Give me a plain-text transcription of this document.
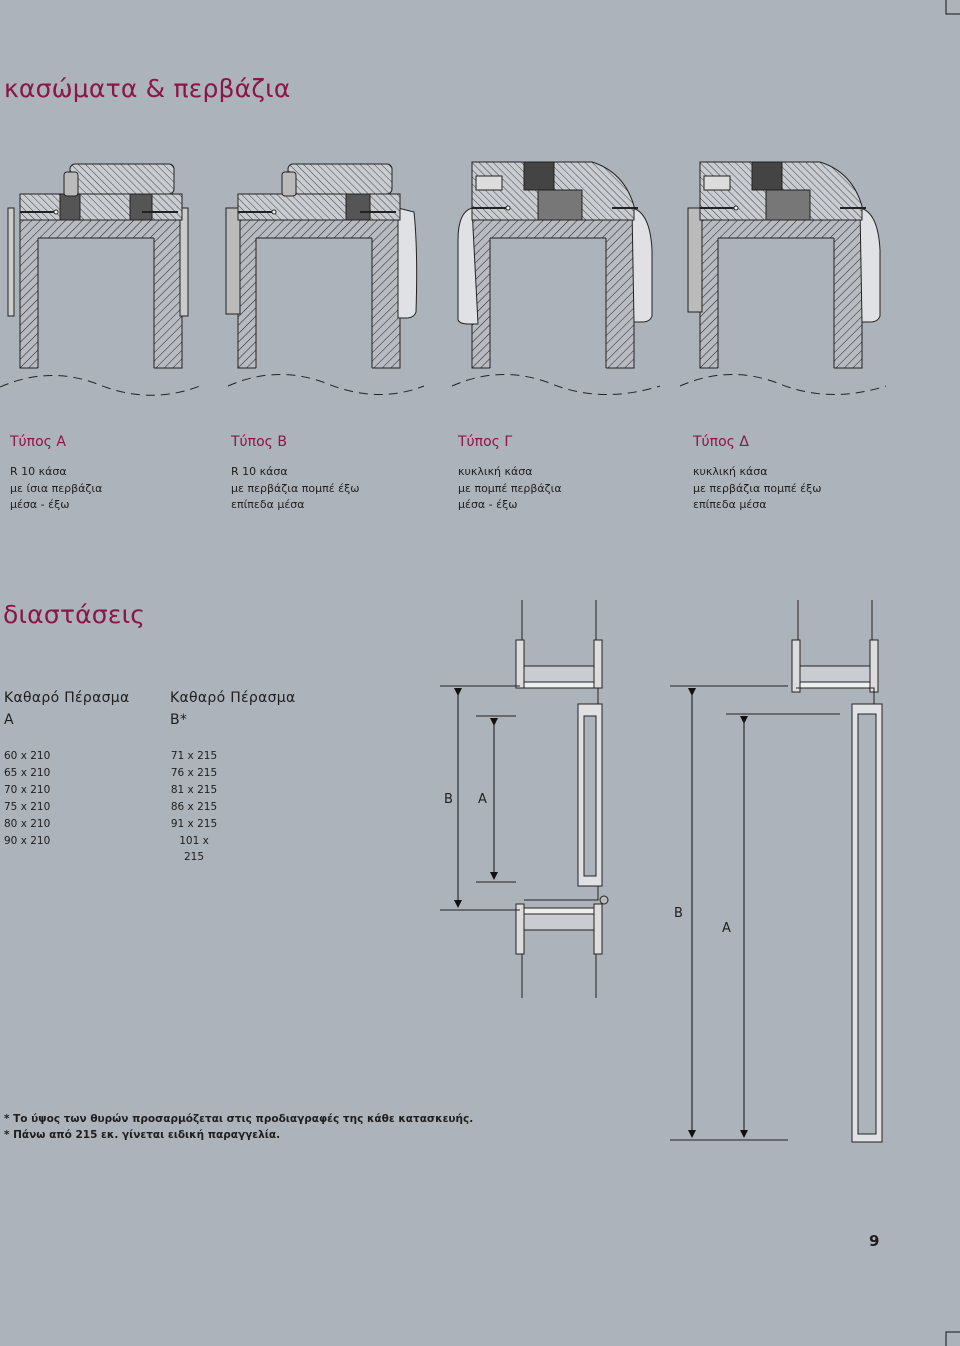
κασώματα & περβάζια
Τύπος Α
R 10 κάσα
με ίσια περβάζια
μέσα - έξω
Τύπος Β
R 10 κάσα
με περβάζια πομπέ έξω
επίπεδα μέσα
Τύπος Γ
κυκλική κάσα
με πομπέ περβάζια
μέσα - έξω
Τύπος Δ
κυκλική κάσα
με περβάζια πομπέ έξω
επίπεδα μέσα
διαστάσεις
Καθαρό Πέρασμα
Α
Καθαρό Πέρασμα
Β*
60 x 210
65 x 210
70 x 210
75 x 210
80 x 210
90 x 210
71 x 215
76 x 215
81 x 215
86 x 215
91 x 215
101 x 215
B A
B
A
* Το ύψος των θυρών προσαρμόζεται στις προδιαγραφές της κάθε κατασκευής.
* Πάνω από 215 εκ. γίνεται ειδική παραγγελία.
9
